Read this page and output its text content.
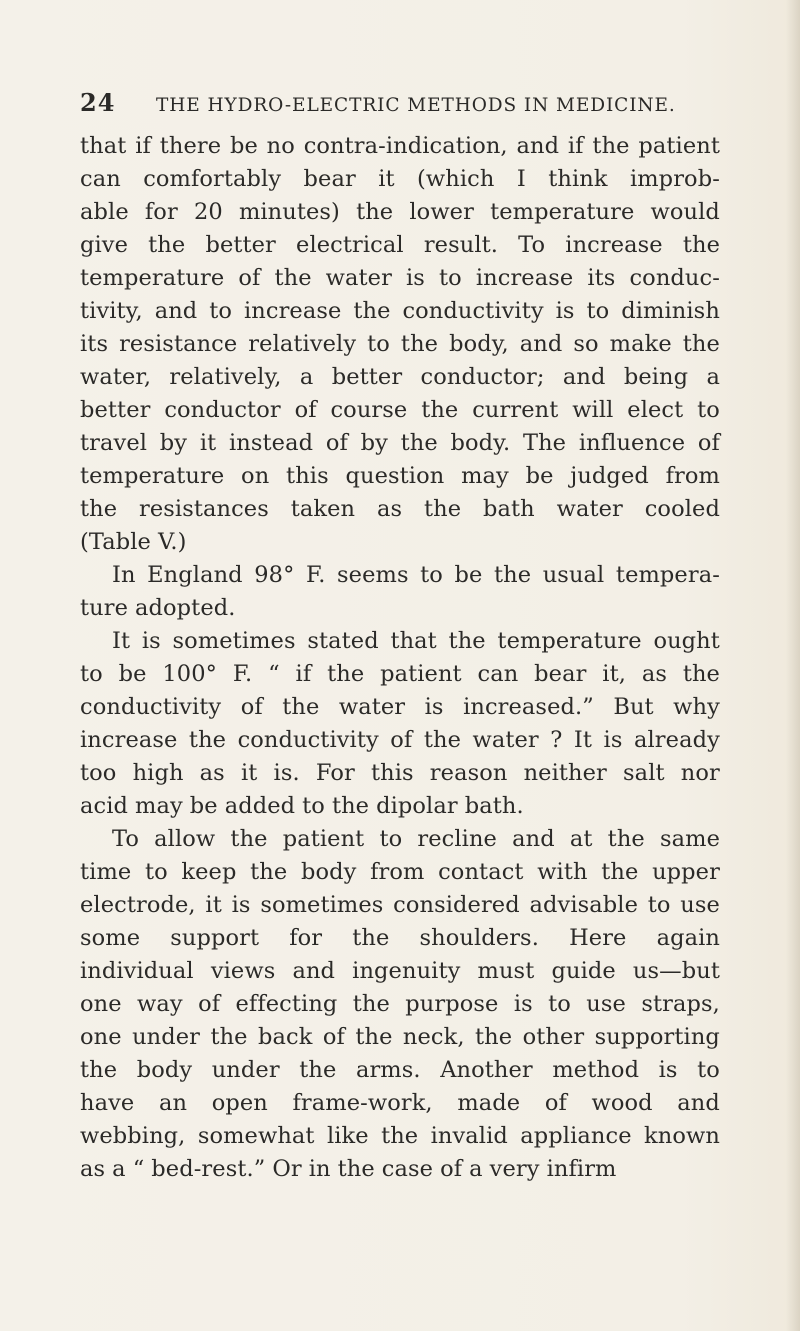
24 THE HYDRO-ELECTRIC METHODS IN MEDICINE.
that if there be no contra-indication, and if the patient
can comfortably bear it (which I think improb-
able for 20 minutes) the lower temperature would
give the better electrical result. To increase the
temperature of the water is to increase its conduc-
tivity, and to increase the conductivity is to diminish
its resistance relatively to the body, and so make the
water, relatively, a better conductor; and being a
better conductor of course the current will elect to
travel by it instead of by the body. The influence of
temperature on this question may be judged from
the resistances taken as the bath water cooled
(Table V.)
In England 98° F. seems to be the usual tempera-
ture adopted.
It is sometimes stated that the temperature ought
to be 100° F. “ if the patient can bear it, as the
conductivity of the water is increased.” But why
increase the conductivity of the water ? It is already
too high as it is. For this reason neither salt nor
acid may be added to the dipolar bath.
To allow the patient to recline and at the same
time to keep the body from contact with the upper
electrode, it is sometimes considered advisable to use
some support for the shoulders. Here again
individual views and ingenuity must guide us—but
one way of effecting the purpose is to use straps,
one under the back of the neck, the other supporting
the body under the arms. Another method is to
have an open frame-work, made of wood and
webbing, somewhat like the invalid appliance known
as a “ bed-rest.” Or in the case of a very infirm
